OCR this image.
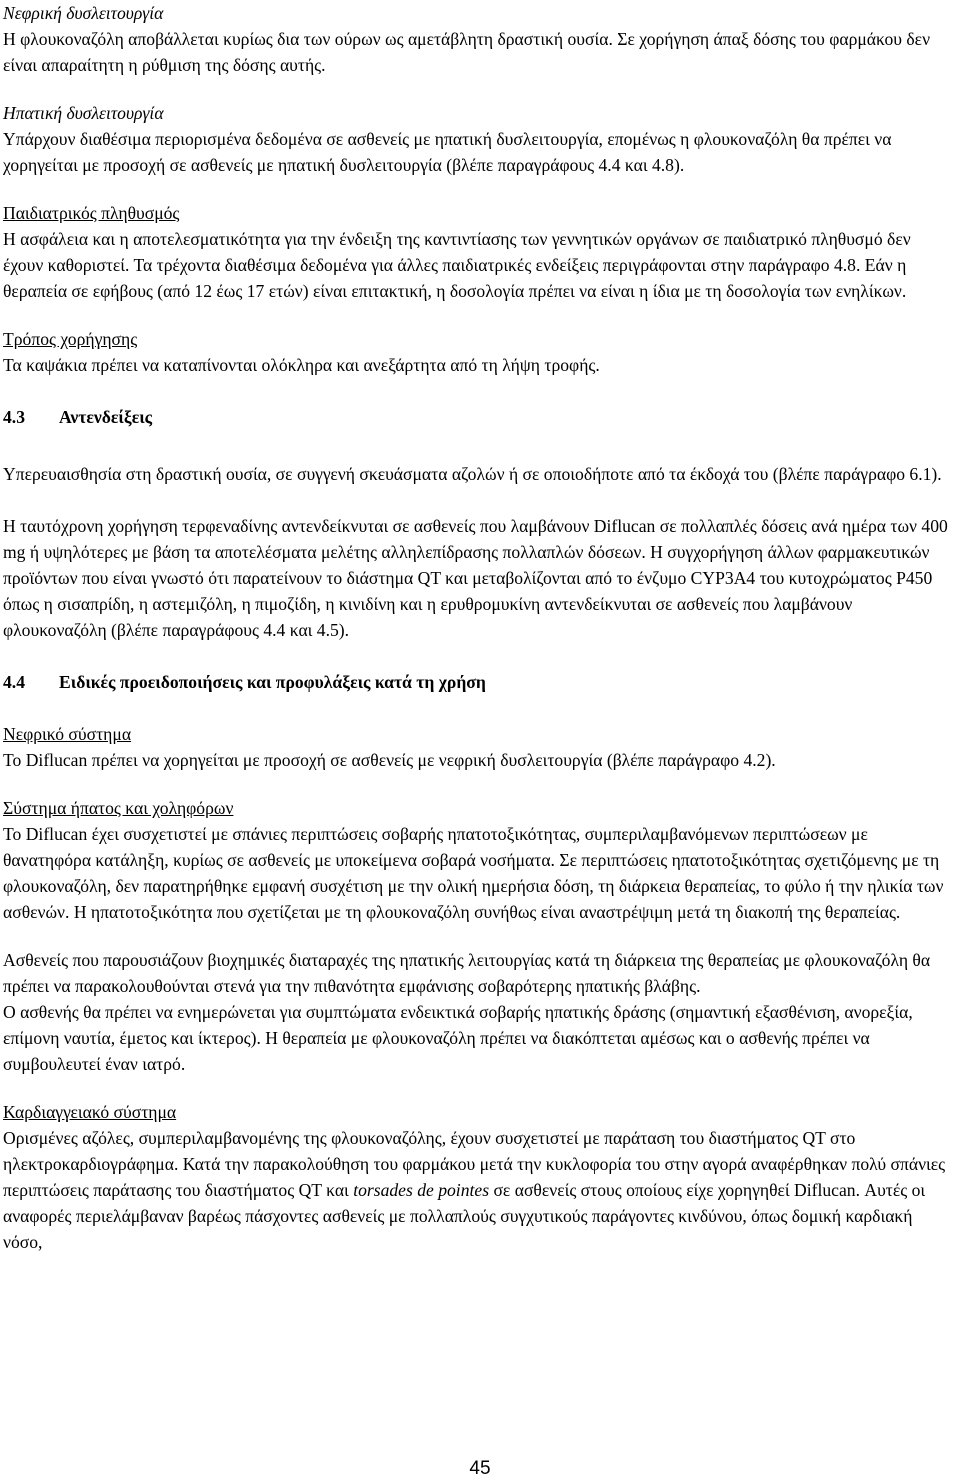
Νεφρική δυσλειτουργία

Η φλουκοναζόλη αποβάλλεται κυρίως δια των ούρων ως αμετάβλητη δραστική ουσία. Σε χορήγηση άπαξ δόσης του φαρμάκου δεν είναι απαραίτητη η ρύθμιση της δόσης αυτής.

Ηπατική δυσλειτουργία

Υπάρχουν διαθέσιμα περιορισμένα δεδομένα σε ασθενείς με ηπατική δυσλειτουργία, επομένως η φλουκοναζόλη θα πρέπει να χορηγείται με προσοχή σε ασθενείς με ηπατική δυσλειτουργία (βλέπε παραγράφους 4.4 και 4.8).

Παιδιατρικός πληθυσμός

Η ασφάλεια και η αποτελεσματικότητα για την ένδειξη της καντιντίασης των γεννητικών οργάνων σε παιδιατρικό πληθυσμό δεν έχουν καθοριστεί. Τα τρέχοντα διαθέσιμα δεδομένα για άλλες παιδιατρικές ενδείξεις περιγράφονται στην παράγραφο 4.8. Εάν η θεραπεία σε εφήβους (από 12 έως 17 ετών) είναι επιτακτική, η δοσολογία πρέπει να είναι η ίδια με τη δοσολογία των ενηλίκων.

Τρόπος χορήγησης

Τα καψάκια πρέπει να καταπίνονται ολόκληρα και ανεξάρτητα από τη λήψη τροφής.

4.3	Αντενδείξεις

Υπερευαισθησία στη δραστική ουσία, σε συγγενή σκευάσματα αζολών ή σε οποιοδήποτε από τα έκδοχά του (βλέπε παράγραφο 6.1).

Η ταυτόχρονη χορήγηση τερφεναδίνης αντενδείκνυται σε ασθενείς που λαμβάνουν Diflucan σε πολλαπλές δόσεις ανά ημέρα των 400 mg ή υψηλότερες με βάση τα αποτελέσματα μελέτης αλληλεπίδρασης πολλαπλών δόσεων. Η συγχορήγηση άλλων φαρμακευτικών προϊόντων που είναι γνωστό ότι παρατείνουν το διάστημα QT και μεταβολίζονται από το ένζυμο CYP3A4 του κυτοχρώματος P450 όπως η σισαπρίδη, η αστεμιζόλη, η πιμοζίδη, η κινιδίνη και η ερυθρομυκίνη αντενδείκνυται σε ασθενείς που λαμβάνουν φλουκοναζόλη (βλέπε παραγράφους 4.4 και 4.5).

4.4	Ειδικές προειδοποιήσεις και προφυλάξεις κατά τη χρήση

Νεφρικό σύστημα

Το Diflucan πρέπει να χορηγείται με προσοχή σε ασθενείς με νεφρική δυσλειτουργία (βλέπε παράγραφο 4.2).

Σύστημα ήπατος και χοληφόρων

Το Diflucan έχει συσχετιστεί με σπάνιες περιπτώσεις σοβαρής ηπατοτοξικότητας, συμπεριλαμβανόμενων περιπτώσεων με θανατηφόρα κατάληξη, κυρίως σε ασθενείς με υποκείμενα σοβαρά νοσήματα. Σε περιπτώσεις ηπατοτοξικότητας σχετιζόμενης με τη φλουκοναζόλη, δεν παρατηρήθηκε εμφανή συσχέτιση με την ολική ημερήσια δόση, τη διάρκεια θεραπείας, το φύλο ή την ηλικία των ασθενών. Η ηπατοτοξικότητα που σχετίζεται με τη φλουκοναζόλη συνήθως είναι αναστρέψιμη μετά τη διακοπή της θεραπείας.

Ασθενείς που παρουσιάζουν βιοχημικές διαταραχές της ηπατικής λειτουργίας κατά τη διάρκεια της θεραπείας με φλουκοναζόλη θα πρέπει να παρακολουθούνται στενά για την πιθανότητα εμφάνισης σοβαρότερης ηπατικής βλάβης.

Ο ασθενής θα πρέπει να ενημερώνεται για συμπτώματα ενδεικτικά σοβαρής ηπατικής δράσης (σημαντική εξασθένιση, ανορεξία, επίμονη ναυτία, έμετος και ίκτερος). Η θεραπεία με φλουκοναζόλη πρέπει να διακόπτεται αμέσως και ο ασθενής πρέπει να συμβουλευτεί έναν ιατρό.

Καρδιαγγειακό σύστημα

Ορισμένες αζόλες, συμπεριλαμβανομένης της φλουκοναζόλης, έχουν συσχετιστεί με παράταση του διαστήματος QT στο ηλεκτροκαρδιογράφημα. Κατά την παρακολούθηση του φαρμάκου μετά την κυκλοφορία του στην αγορά αναφέρθηκαν πολύ σπάνιες περιπτώσεις παράτασης του διαστήματος QT και torsades de pointes σε ασθενείς στους οποίους είχε χορηγηθεί Diflucan. Αυτές οι αναφορές περιελάμβαναν βαρέως πάσχοντες ασθενείς με πολλαπλούς συγχυτικούς παράγοντες κινδύνου, όπως δομική καρδιακή νόσο,

45
